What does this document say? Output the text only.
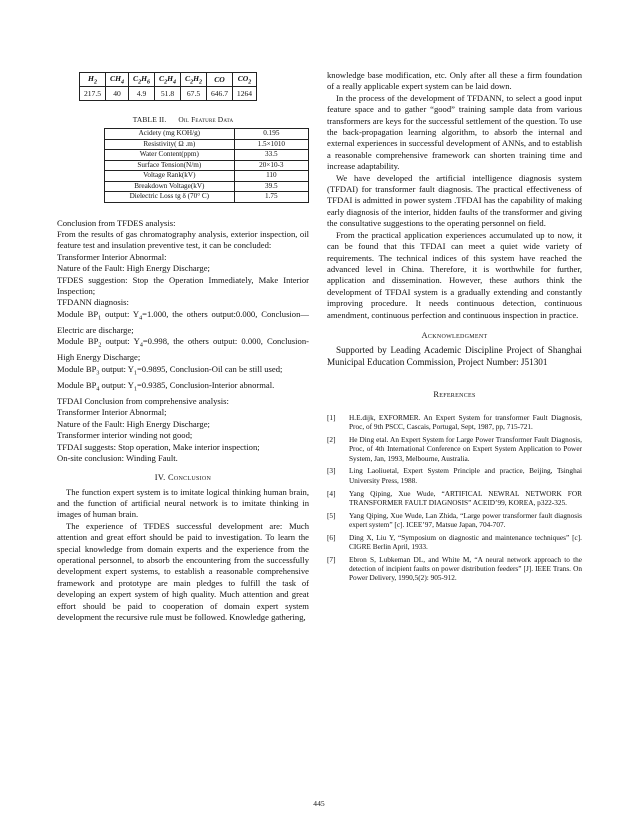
$H_2$	$CH_4$	$C_2H_6$	$C_2H_4$	$C_2H_2$	CO	$CO_2$
217.5	40	4.9	51.8	67.5	646.7	1264
TABLE II. Oil Feature Data
Acidety (mg KOH/g)	0.195
Resistivity( Ω .m)	1.5×1010
Water Content(ppm)	33.5
Surface Tension(N/m)	20×10-3
Voltage Rank(kV)	110
Breakdown Voltage(kV)	39.5
Dielectric Loss tg δ (70° C)	1.75
Conclusion from TFDES analysis:
From the results of gas chromatography analysis, exterior inspection, oil feature test and insulation preventive test, it can be concluded:
Transformer Interior Abnormal:
Nature of the Fault: High Energy Discharge;
TFDES suggestion: Stop the Operation Immediately, Make Interior Inspection;
TFDANN diagnosis:
Module $BP_1$ output: $Y_4=1.000$, the others output:0.000, Conclusion—Electric are discharge;
Module $BP_2$ output: $Y_4=0.998$, the others output: 0.000, Conclusion-High Energy Discharge;
Module $BP_3$ output: $Y_1=0.9895$, Conclusion-Oil can be still used;
Module $BP_4$ output: $Y_1=0.9385$, Conclusion-Interior abnormal.
TFDAI Conclusion from comprehensive analysis:
Transformer Interior Abnormal;
Nature of the Fault: High Energy Discharge;
Transformer interior winding not good;
TFDAI suggests: Stop operation, Make interior inspection;
On-site conclusion: Winding Fault.
IV. Conclusion
The function expert system is to imitate logical thinking human brain, and the function of artificial neural network is to imitate thinking in images of human brain.
The experience of TFDES successful development are: Much attention and great effort should be paid to investigation. To learn the special knowledge from domain experts and the experience from the operational personnel, to absorb the encountering from the successfully development expert systems, to establish a reasonable comprehensive framework and prototype are main pledges to fulfill the task of developing an expert system of high quality. Much attention and great effort should be paid to cooperation of domain expert system development the recursive rule must be followed. Knowledge gathering,
knowledge base modification, etc. Only after all these a firm foundation of a really applicable expert system can be laid down.
In the process of the development of TFDANN, to select a good input feature space and to gather “good” training sample data from various transformers are keys for the successful settlement of the question. To use the back-propagation learning algorithm, to absorb the internal and external experiences in successful development of ANNs, and to establish a reasonable comprehensive framework can shorten training time and increase adaptability.
We have developed the artificial intelligence diagnosis system (TFDAI) for transformer fault diagnosis. The practical effectiveness of TFDAI is admitted in power system .TFDAI has the capability of making early diagnosis of the interior, hidden faults of the transformer and giving the consultative suggestions to the operating personnel on field.
From the practical application experiences accumulated up to now, it can be found that this TFDAI can meet a quiet wide variety of requirements. The technical indices of this system have reached the advanced level in China. Therefore, it is worthwhile for further, application and dissemination. However, these authors think the development of TFDAI system is a gradually extending and constantly improving procedure. It needs continuous detection, continuous amendment, continuous perfection and continuous inspection in practice.
Acknowledgment
Supported by Leading Academic Discipline Project of Shanghai Municipal Education Commission, Project Number: J51301
References
[1]	H.E.dijk, EXFORMER. An Expert System for transformer Fault Diagnosis, Proc, of 9th PSCC, Cascais, Portugal, Sept, 1987, pp, 715-721.
[2]	He Ding etal. An Expert System for Large Power Transformer Fault Diagnosis, Proc, of 4th International Conference on Expert System Application to Power System, Jan, 1993, Melbourne, Australia.
[3]	Ling Laoliuetal, Expert System Principle and practice, Beijing, Tsinghai University Press, 1988.
[4]	Yang Qiping, Xue Wude, “ARTIFICAL NEWRAL NETWORK FOR TRANSFORMER FAULT DIAGNOSIS” ACEID’99, KOREA, p322-325.
[5]	Yang Qiping, Xue Wude, Lan Zhida, “Large power transformer fault diagnosis expert system” [c]. ICEE’97, Matsue Japan, 704-707.
[6]	Ding X, Liu Y, “Symposium on diagnostic and maintenance techniques” [c]. CIGRE Berlin April, 1933.
[7]	Ebron S, Lubkeman DL, and White M, “A neural network approach to the detection of incipient faults on power distribution feeders” [J]. IEEE Trans. On Power Delivery, 1990,5(2): 905-912.
445
